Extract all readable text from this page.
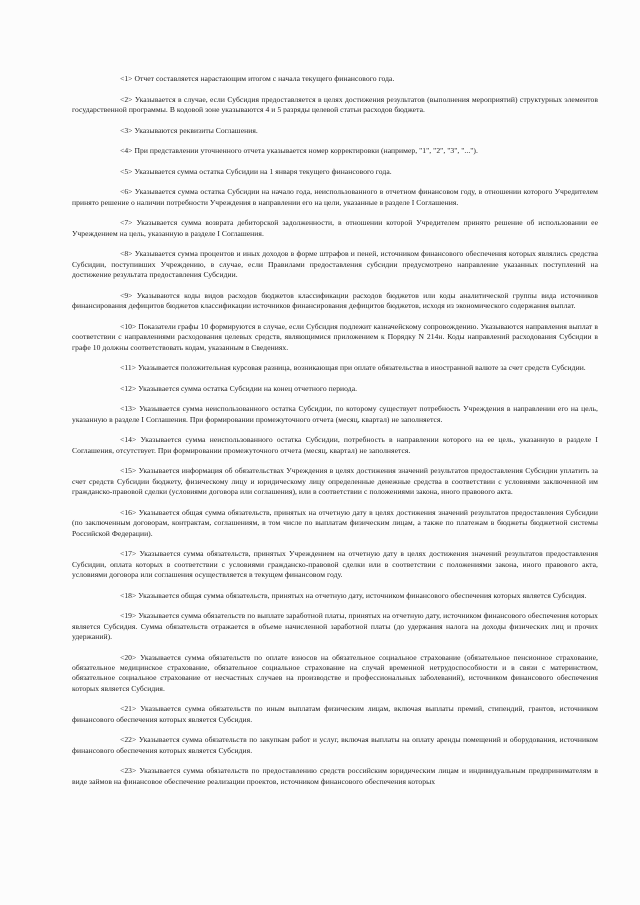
<1> Отчет составляется нарастающим итогом с начала текущего финансового года.

<2> Указывается в случае, если Субсидия предоставляется в целях достижения результатов (выполнения мероприятий) структурных элементов государственной программы. В кодовой зоне указываются 4 и 5 разряды целевой статьи расходов бюджета.

<3> Указываются реквизиты Соглашения.

<4> При представлении уточненного отчета указывается номер корректировки (например, "1", "2", "3", "...").

<5> Указывается сумма остатка Субсидии на 1 января текущего финансового года.

<6> Указывается сумма остатка Субсидии на начало года, неиспользованного в отчетном финансовом году, в отношении которого Учредителем принято решение о наличии потребности Учреждения в направлении его на цели, указанные в разделе I Соглашения.

<7> Указывается сумма возврата дебиторской задолженности, в отношении которой Учредителем принято решение об использовании ее Учреждением на цель, указанную в разделе I Соглашения.

<8> Указывается сумма процентов и иных доходов в форме штрафов и пеней, источником финансового обеспечения которых являлись средства Субсидии, поступивших Учреждению, в случае, если Правилами предоставления субсидии предусмотрено направление указанных поступлений на достижение результата предоставления Субсидии.

<9> Указываются коды видов расходов бюджетов классификации расходов бюджетов или коды аналитической группы вида источников финансирования дефицитов бюджетов классификации источников финансирования дефицитов бюджетов, исходя из экономического содержания выплат.

<10> Показатели графы 10 формируются в случае, если Субсидия подлежит казначейскому сопровождению. Указываются направления выплат в соответствии с направлениями расходования целевых средств, являющимися приложением к Порядку N 214н. Коды направлений расходования Субсидии в графе 10 должны соответствовать кодам, указанным в Сведениях.

<11> Указывается положительная курсовая разница, возникающая при оплате обязательства в иностранной валюте за счет средств Субсидии.

<12> Указывается сумма остатка Субсидии на конец отчетного периода.

<13> Указывается сумма неиспользованного остатка Субсидии, по которому существует потребность Учреждения в направлении его на цель, указанную в разделе I Соглашения. При формировании промежуточного отчета (месяц, квартал) не заполняется.

<14> Указывается сумма неиспользованного остатка Субсидии, потребность в направлении которого на ее цель, указанную в разделе I Соглашения, отсутствует. При формировании промежуточного отчета (месяц, квартал) не заполняется.

<15> Указывается информация об обязательствах Учреждения в целях достижения значений результатов предоставления Субсидии уплатить за счет средств Субсидии бюджету, физическому лицу и юридическому лицу определенные денежные средства в соответствии с условиями заключенной им гражданско-правовой сделки (условиями договора или соглашения), или в соответствии с положениями закона, иного правового акта.

<16> Указывается общая сумма обязательств, принятых на отчетную дату в целях достижения значений результатов предоставления Субсидии (по заключенным договорам, контрактам, соглашениям, в том числе по выплатам физическим лицам, а также по платежам в бюджеты бюджетной системы Российской Федерации).

<17> Указывается сумма обязательств, принятых Учреждением на отчетную дату в целях достижения значений результатов предоставления Субсидии, оплата которых в соответствии с условиями гражданско-правовой сделки или в соответствии с положениями закона, иного правового акта, условиями договора или соглашения осуществляется в текущем финансовом году.

<18> Указывается общая сумма обязательств, принятых на отчетную дату, источником финансового обеспечения которых является Субсидия.

<19> Указывается сумма обязательств по выплате заработной платы, принятых на отчетную дату, источником финансового обеспечения которых является Субсидия. Сумма обязательств отражается в объеме начисленной заработной платы (до удержания налога на доходы физических лиц и прочих удержаний).

<20> Указывается сумма обязательств по оплате взносов на обязательное социальное страхование (обязательное пенсионное страхование, обязательное медицинское страхование, обязательное социальное страхование на случай временной нетрудоспособности и в связи с материнством, обязательное социальное страхование от несчастных случаев на производстве и профессиональных заболеваний), источником финансового обеспечения которых является Субсидия.

<21> Указывается сумма обязательств по иным выплатам физическим лицам, включая выплаты премий, стипендий, грантов, источником финансового обеспечения которых является Субсидия.

<22> Указывается сумма обязательств по закупкам работ и услуг, включая выплаты на оплату аренды помещений и оборудования, источником финансового обеспечения которых является Субсидия.

<23> Указывается сумма обязательств по предоставлению средств российским юридическим лицам и индивидуальным предпринимателям в виде займов на финансовое обеспечение реализации проектов, источником финансового обеспечения которых
